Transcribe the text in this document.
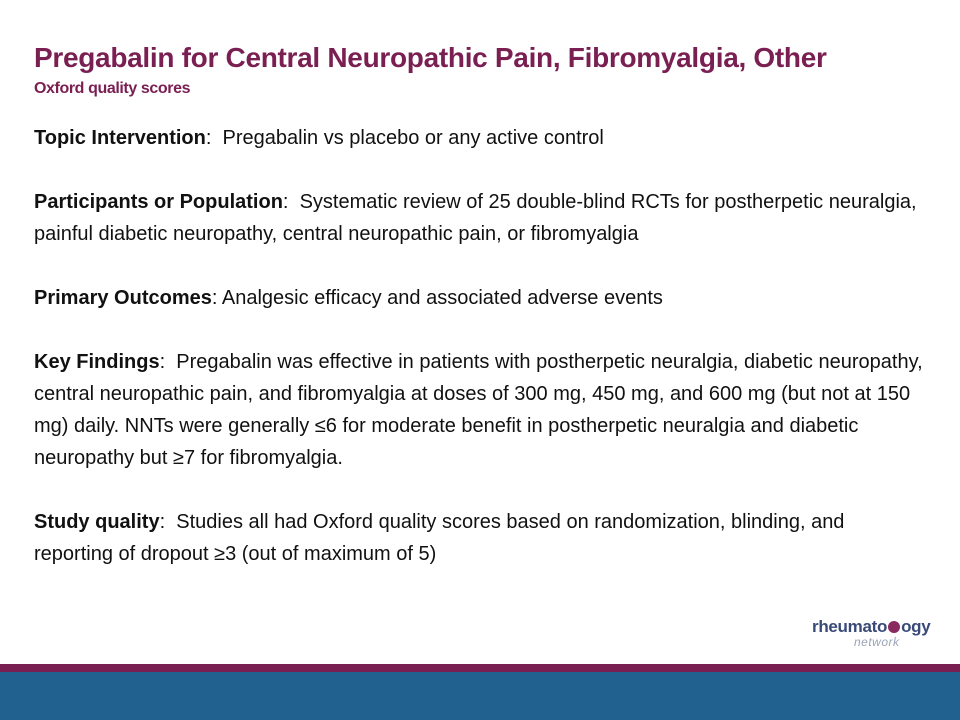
Pregabalin for Central Neuropathic Pain, Fibromyalgia, Other
Oxford quality scores

Topic Intervention:  Pregabalin vs placebo or any active control

Participants or Population:  Systematic review of 25 double-blind RCTs for postherpetic neuralgia, painful diabetic neuropathy, central neuropathic pain, or fibromyalgia

Primary Outcomes: Analgesic efficacy and associated adverse events

Key Findings:  Pregabalin was effective in patients with postherpetic neuralgia, diabetic neuropathy, central neuropathic pain, and fibromyalgia at doses of 300 mg, 450 mg, and 600 mg (but not at 150 mg) daily. NNTs were generally ≤6 for moderate benefit in postherpetic neuralgia and diabetic neuropathy but ≥7 for fibromyalgia.

Study quality:  Studies all had Oxford quality scores based on randomization, blinding, and reporting of dropout ≥3 (out of maximum of 5)

rheumato ogy
network
